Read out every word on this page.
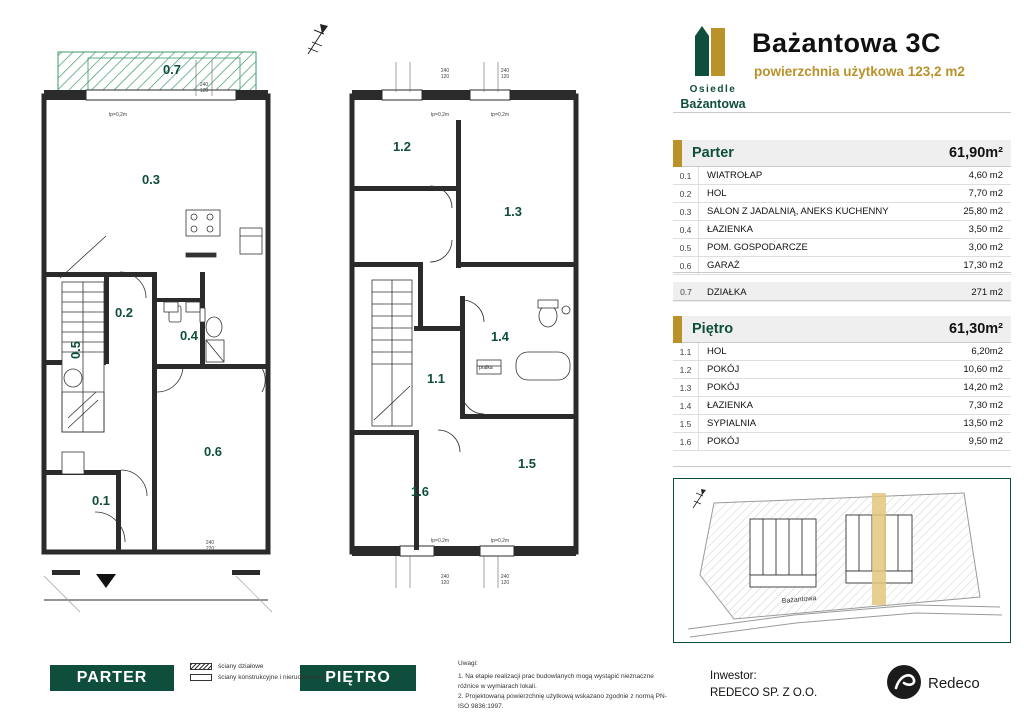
240
120
240
120
240
120
240
120
240
120
240
220
tp=0,2m	tp=0,2m	tp=0,2m
tp=0,2m	tp=0,2m
0.7
0.3
0.2
0.4
0.5
0.6
0.1
1.2
1.3
1.4
1.1
1.5
1.6
pralka
PARTER	PIĘTRO
ściany działowe
ściany konstrukcyjne i nieruobieralne
Uwagi:
1. Na etapie realizacji prac budowlanych mogą wystąpić nieznaczne różnice w wymiarach lokali.
2. Projektowaną powierzchnię użytkową wskazano zgodnie z normą PN-ISO 9836:1997.
Osiedle
Bażantowa
Bażantowa 3C
powierzchnia użytkowa 123,2 m2
Parter	61,90m²
0.1	WIATROŁAP	4,60 m2
0.2	HOL	7,70 m2
0.3	SALON Z JADALNIĄ, ANEKS KUCHENNY	25,80 m2
0.4	ŁAZIENKA	3,50 m2
0.5	POM. GOSPODARCZE	3,00 m2
0.6	GARAŻ	17,30 m2
0.7	DZIAŁKA	271 m2
Piętro	61,30m²
1.1	HOL	6,20m2
1.2	POKÓJ	10,60 m2
1.3	POKÓJ	14,20 m2
1.4	ŁAZIENKA	7,30 m2
1.5	SYPIALNIA	13,50 m2
1.6	POKÓJ	9,50 m2
Bażantowa
Inwestor:
REDECO SP. Z O.O.
Redeco
